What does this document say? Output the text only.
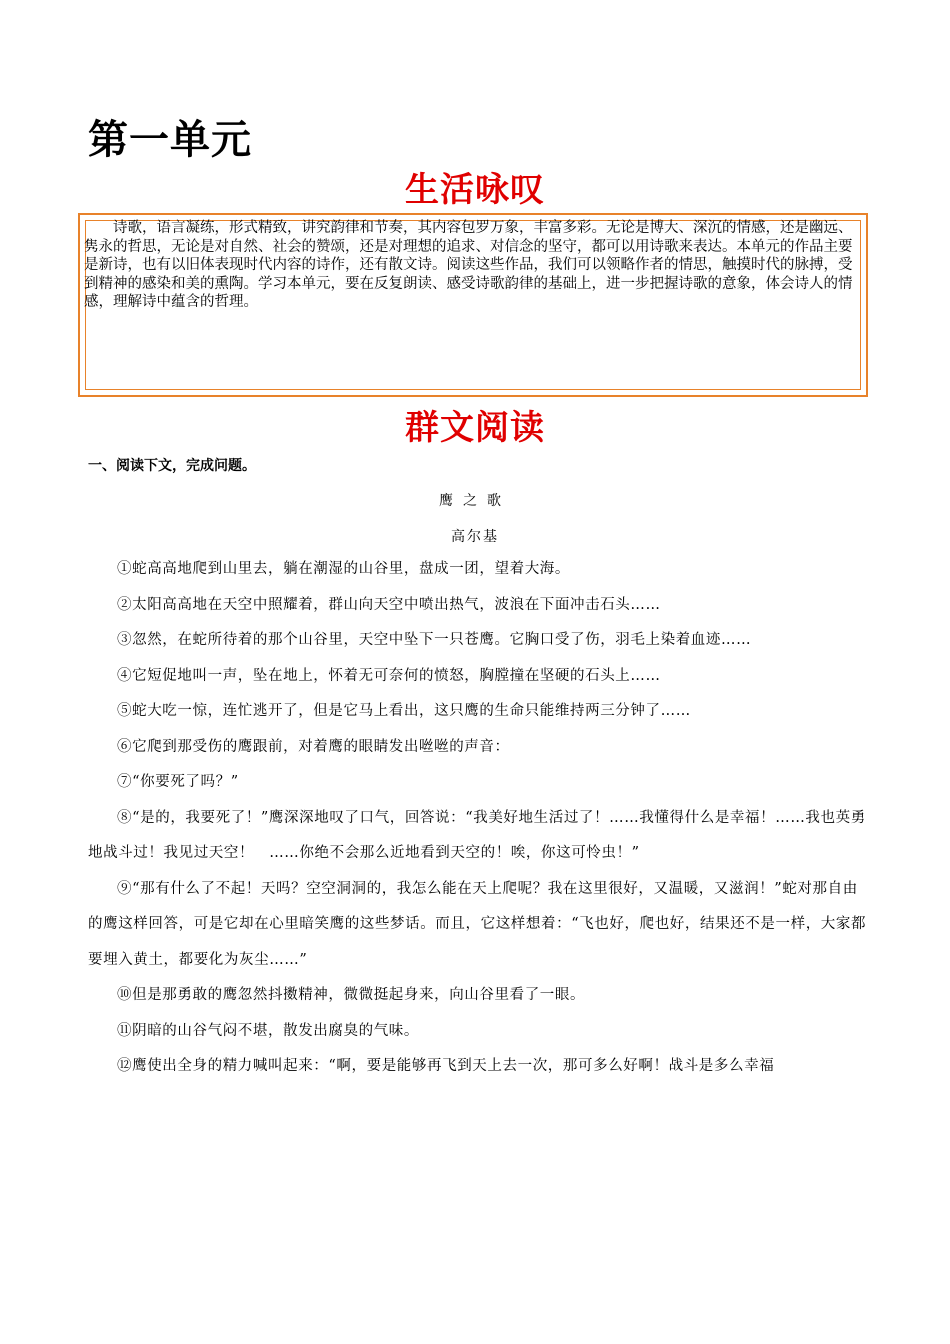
第一单元
生活咏叹

诗歌，语言凝练，形式精致，讲究韵律和节奏，其内容包罗万象，丰富多彩。无论是博大、深沉的情感，还是幽远、隽永的哲思，无论是对自然、社会的赞颂，还是对理想的追求、对信念的坚守，都可以用诗歌来表达。本单元的作品主要是新诗，也有以旧体表现时代内容的诗作，还有散文诗。阅读这些作品，我们可以领略作者的情思，触摸时代的脉搏，受到精神的感染和美的熏陶。学习本单元，要在反复朗读、感受诗歌韵律的基础上，进一步把握诗歌的意象，体会诗人的情感，理解诗中蕴含的哲理。

群文阅读

一、阅读下文，完成问题。

鹰之歌

高尔基

①蛇高高地爬到山里去，躺在潮湿的山谷里，盘成一团，望着大海。

②太阳高高地在天空中照耀着，群山向天空中喷出热气，波浪在下面冲击石头……

③忽然，在蛇所待着的那个山谷里，天空中坠下一只苍鹰。它胸口受了伤，羽毛上染着血迹……

④它短促地叫一声，坠在地上，怀着无可奈何的愤怒，胸膛撞在坚硬的石头上……

⑤蛇大吃一惊，连忙逃开了，但是它马上看出，这只鹰的生命只能维持两三分钟了……

⑥它爬到那受伤的鹰跟前，对着鹰的眼睛发出咝咝的声音：

⑦“你要死了吗？”

⑧“是的，我要死了！”鹰深深地叹了口气，回答说：“我美好地生活过了！……我懂得什么是幸福！……我也英勇地战斗过！我见过天空！　……你绝不会那么近地看到天空的！唉，你这可怜虫！”

⑨“那有什么了不起！天吗？空空洞洞的，我怎么能在天上爬呢？我在这里很好，又温暖，又滋润！”蛇对那自由的鹰这样回答，可是它却在心里暗笑鹰的这些梦话。而且，它这样想着：“飞也好，爬也好，结果还不是一样，大家都要埋入黄土，都要化为灰尘……”

⑩但是那勇敢的鹰忽然抖擞精神，微微挺起身来，向山谷里看了一眼。

⑪阴暗的山谷气闷不堪，散发出腐臭的气味。

⑫鹰使出全身的精力喊叫起来：“啊，要是能够再飞到天上去一次，那可多么好啊！战斗是多么幸福
